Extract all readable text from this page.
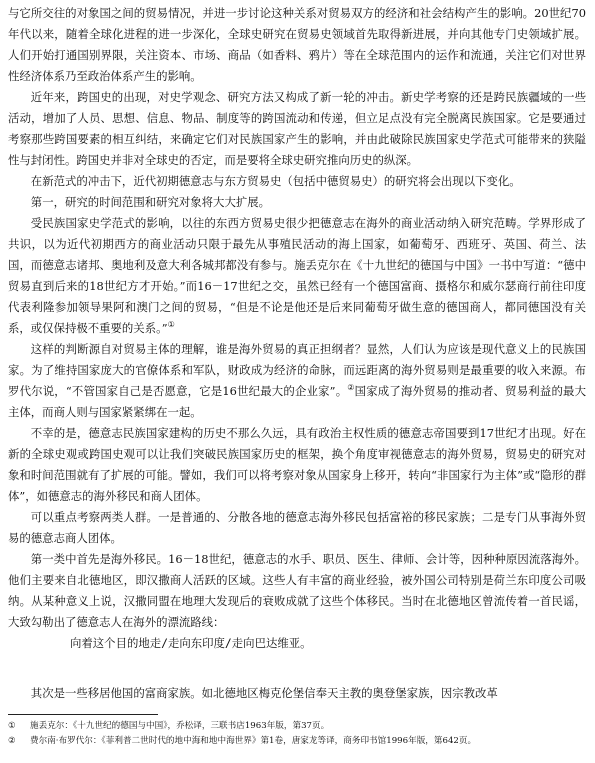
与它所交往的对象国之间的贸易情况，并进一步讨论这种关系对贸易双方的经济和社会结构产生的影响。20世纪70年代以来，随着全球化进程的进一步深化，全球史研究在贸易史领域首先取得新进展，并向其他专门史领域扩展。人们开始打通国别界限，关注资本、市场、商品（如香料、鸦片）等在全球范围内的运作和流通，关注它们对世界性经济体系乃至政治体系产生的影响。

近年来，跨国史的出现，对史学观念、研究方法又构成了新一轮的冲击。新史学考察的还是跨民族疆域的一些活动，增加了人员、思想、信息、物品、制度等的跨国流动和传递，但立足点没有完全脱离民族国家。它是要通过考察那些跨国要素的相互纠结，来确定它们对民族国家产生的影响，并由此破除民族国家史学范式可能带来的狭隘性与封闭性。跨国史并非对全球史的否定，而是要将全球史研究推向历史的纵深。

在新范式的冲击下，近代初期德意志与东方贸易史（包括中德贸易史）的研究将会出现以下变化。

第一，研究的时间范围和研究对象将大大扩展。

受民族国家史学范式的影响，以往的东西方贸易史很少把德意志在海外的商业活动纳入研究范畴。学界形成了共识，以为近代初期西方的商业活动只限于最先从事殖民活动的海上国家，如葡萄牙、西班牙、英国、荷兰、法国，而德意志诸邦、奥地利及意大利各城邦都没有参与。施丢克尔在《十九世纪的德国与中国》一书中写道：“德中贸易直到后来的18世纪方才开始。”而16－17世纪之交，虽然已经有一个德国富商、摄格尔和威尔瑟商行前往印度代表利隆参加领导果阿和澳门之间的贸易，“但是不论是他还是后来同葡萄牙做生意的德国商人，都同德国没有关系，或仅保持极不重要的关系。”①

这样的判断源自对贸易主体的理解，谁是海外贸易的真正担纲者？显然，人们认为应该是现代意义上的民族国家。为了维持国家庞大的官僚体系和军队，财政成为经济的命脉，而远距离的海外贸易则是最重要的收入来源。布罗代尔说，“不管国家自己是否愿意，它是16世纪最大的企业家”。②国家成了海外贸易的推动者、贸易利益的最大主体，而商人则与国家紧紧绑在一起。

不幸的是，德意志民族国家建构的历史不那么久远，具有政治主权性质的德意志帝国要到17世纪才出现。好在新的全球史观或跨国史观可以让我们突破民族国家历史的框架，换个角度审视德意志的海外贸易，贸易史的研究对象和时间范围就有了扩展的可能。譬如，我们可以将考察对象从国家身上移开，转向“非国家行为主体”或“隐形的群体”，如德意志的海外移民和商人团体。

可以重点考察两类人群。一是普通的、分散各地的德意志海外移民包括富裕的移民家族；二是专门从事海外贸易的德意志商人团体。

第一类中首先是海外移民。16－18世纪，德意志的水手、职员、医生、律师、会计等，因种种原因流落海外。他们主要来自北德地区，即汉撒商人活跃的区域。这些人有丰富的商业经验，被外国公司特别是荷兰东印度公司吸纳。从某种意义上说，汉撒同盟在地理大发现后的衰败成就了这些个体移民。当时在北德地区曾流传着一首民谣，大致勾勒出了德意志人在海外的漂流路线：

向着这个目的地走/走向东印度/走向巴达维亚。
其次是一些移居他国的富商家族。如北德地区梅克伦堡信奉天主教的奥登堡家族，因宗教改革
① 施丢克尔：《十九世纪的德国与中国》，乔松译，三联书店1963年版，第37页。
② 费尔南·布罗代尔：《菲利普二世时代的地中海和地中海世界》第1卷，唐家龙等译，商务印书馆1996年版，第642页。
